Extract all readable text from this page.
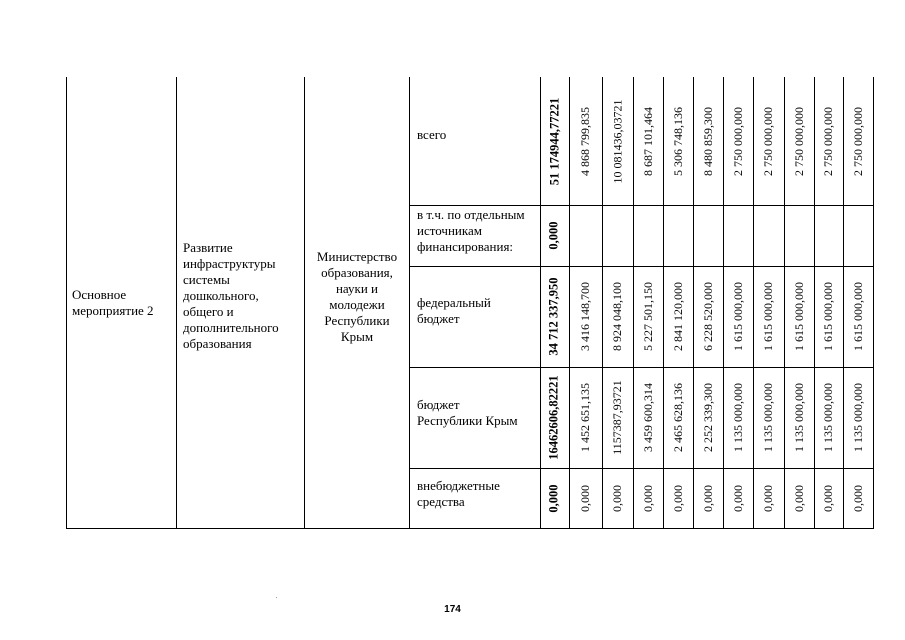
Основное мероприятие 2
Развитие
инфраструктуры
системы
дошкольного,
общего и
дополнительного
образования
Министерство
образования,
науки и
молодежи
Республики
Крым
всего
в т.ч. по отдельным
источникам
финансирования:
федеральный
бюджет
бюджет
Республики Крым
внебюджетные
средства
51 174944,77221 4 868 799,835 10 081436,03721 8 687 101,464 5 306 748,136 8 480 859,300 2 750 000,000 2 750 000,000 2 750 000,000 2 750 000,000 2 750 000,000
0,000
34 712 337,950 3 416 148,700 8 924 048,100 5 227 501,150 2 841 120,000 6 228 520,000 1 615 000,000 1 615 000,000 1 615 000,000 1 615 000,000 1 615 000,000
16462606,82221 1 452 651,135 1157387,93721 3 459 600,314 2 465 628,136 2 252 339,300 1 135 000,000 1 135 000,000 1 135 000,000 1 135 000,000 1 135 000,000
0,000 0,000 0,000 0,000 0,000 0,000 0,000 0,000 0,000 0,000 0,000
174
